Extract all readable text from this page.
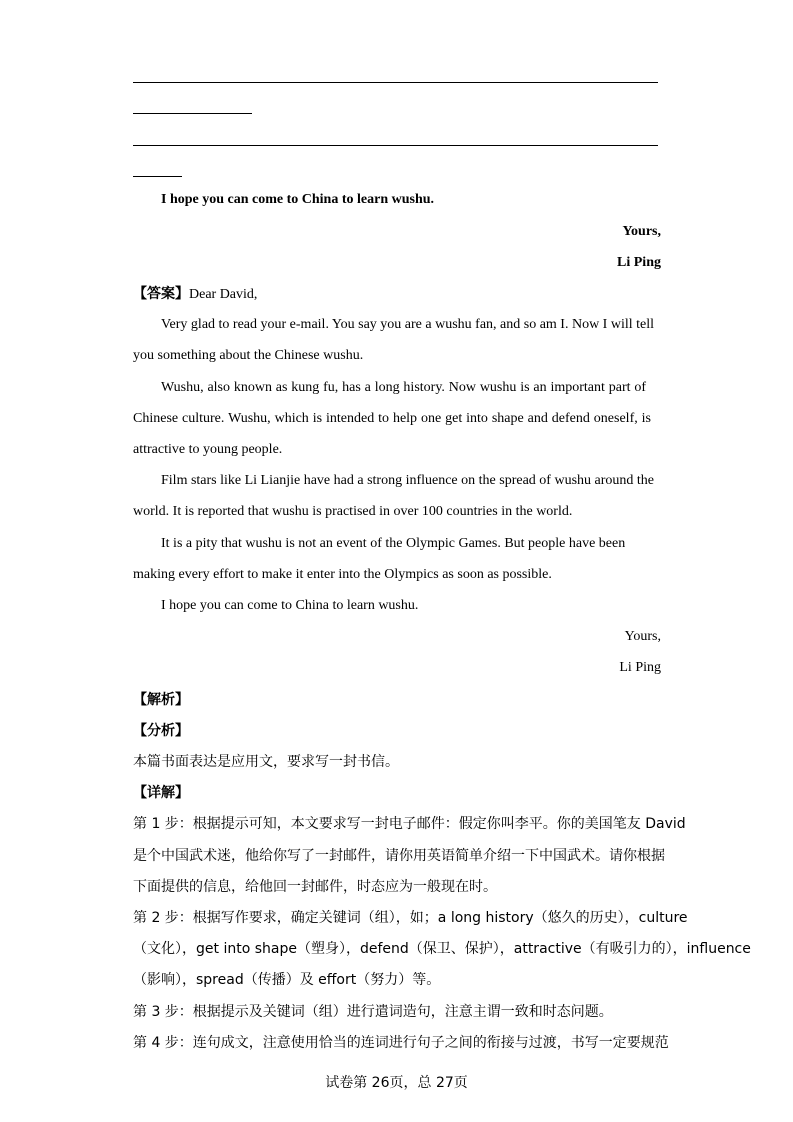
I hope you can come to China to learn wushu.
Yours,
Li Ping
【答案】Dear David,
Very glad to read your e-mail. You say you are a wushu fan, and so am I. Now I will tell
you something about the Chinese wushu.
Wushu, also known as kung fu, has a long history. Now wushu is an important part of
Chinese culture. Wushu, which is intended to help one get into shape and defend oneself, is
attractive to young people.
Film stars like Li Lianjie have had a strong influence on the spread of wushu around the
world. It is reported that wushu is practised in over 100 countries in the world.
It is a pity that wushu is not an event of the Olympic Games. But people have been
making every effort to make it enter into the Olympics as soon as possible.
I hope you can come to China to learn wushu.
Yours,
Li Ping
【解析】
【分析】
本篇书面表达是应用文，要求写一封书信。
【详解】
第 1 步：根据提示可知，本文要求写一封电子邮件：假定你叫李平。你的美国笔友 David
是个中国武术迷，他给你写了一封邮件，请你用英语简单介绍一下中国武术。请你根据
下面提供的信息，给他回一封邮件，时态应为一般现在时。
第 2 步：根据写作要求，确定关键词（组），如；a long history（悠久的历史），culture
（文化），get into shape（塑身），defend（保卫、保护），attractive（有吸引力的），influence
（影响），spread（传播）及 effort（努力）等。
第 3 步：根据提示及关键词（组）进行遣词造句，注意主谓一致和时态问题。
第 4 步：连句成文，注意使用恰当的连词进行句子之间的衔接与过渡，书写一定要规范
试卷第 26页，总 27页
